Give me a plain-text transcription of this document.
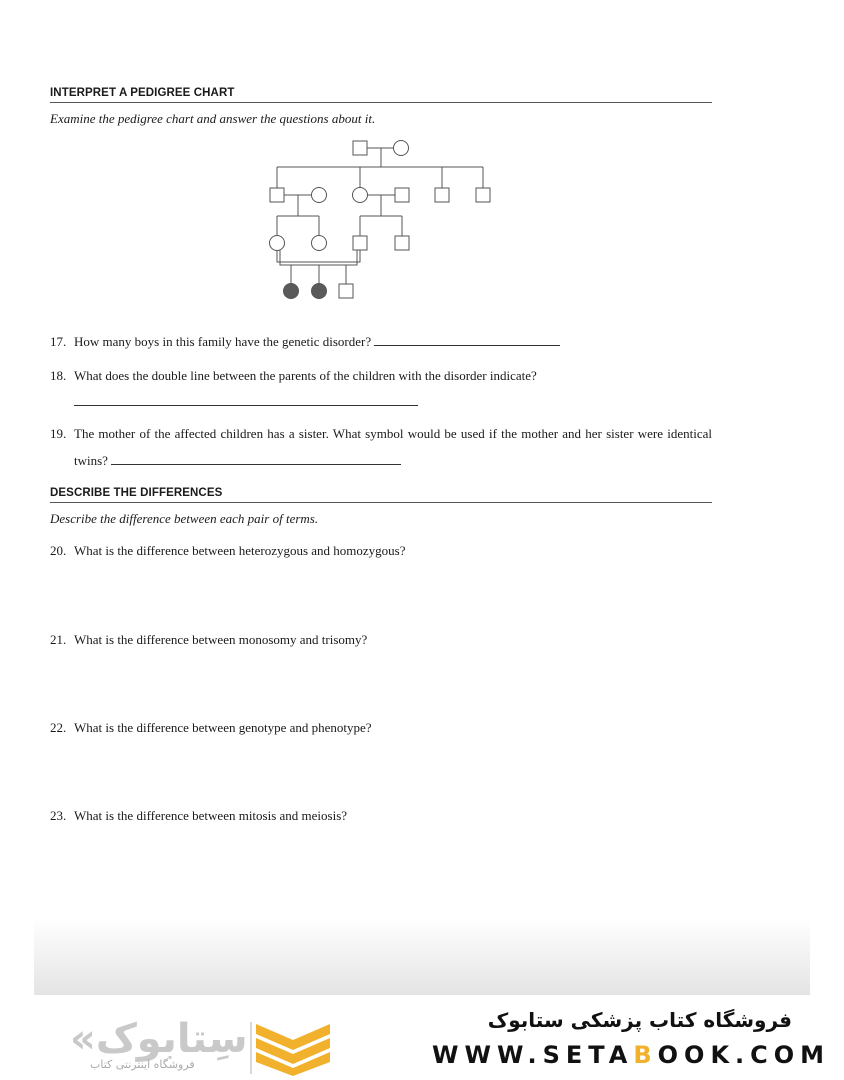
INTERPRET A PEDIGREE CHART
Examine the pedigree chart and answer the questions about it.
17. How many boys in this family have the genetic disorder?
18. What does the double line between the parents of the children with the disorder indicate?
19. The mother of the affected children has a sister. What symbol would be used if the mother and her sister were identical twins?
DESCRIBE THE DIFFERENCES
Describe the difference between each pair of terms.
20. What is the difference between heterozygous and homozygous?
21. What is the difference between monosomy and trisomy?
22. What is the difference between genotype and phenotype?
23. What is the difference between mitosis and meiosis?
«سِتابوک
فروشگاه اینترنتی کتاب
فروشگاه کتاب پزشکی ستابوک
WWW.SETABOOK.COM
